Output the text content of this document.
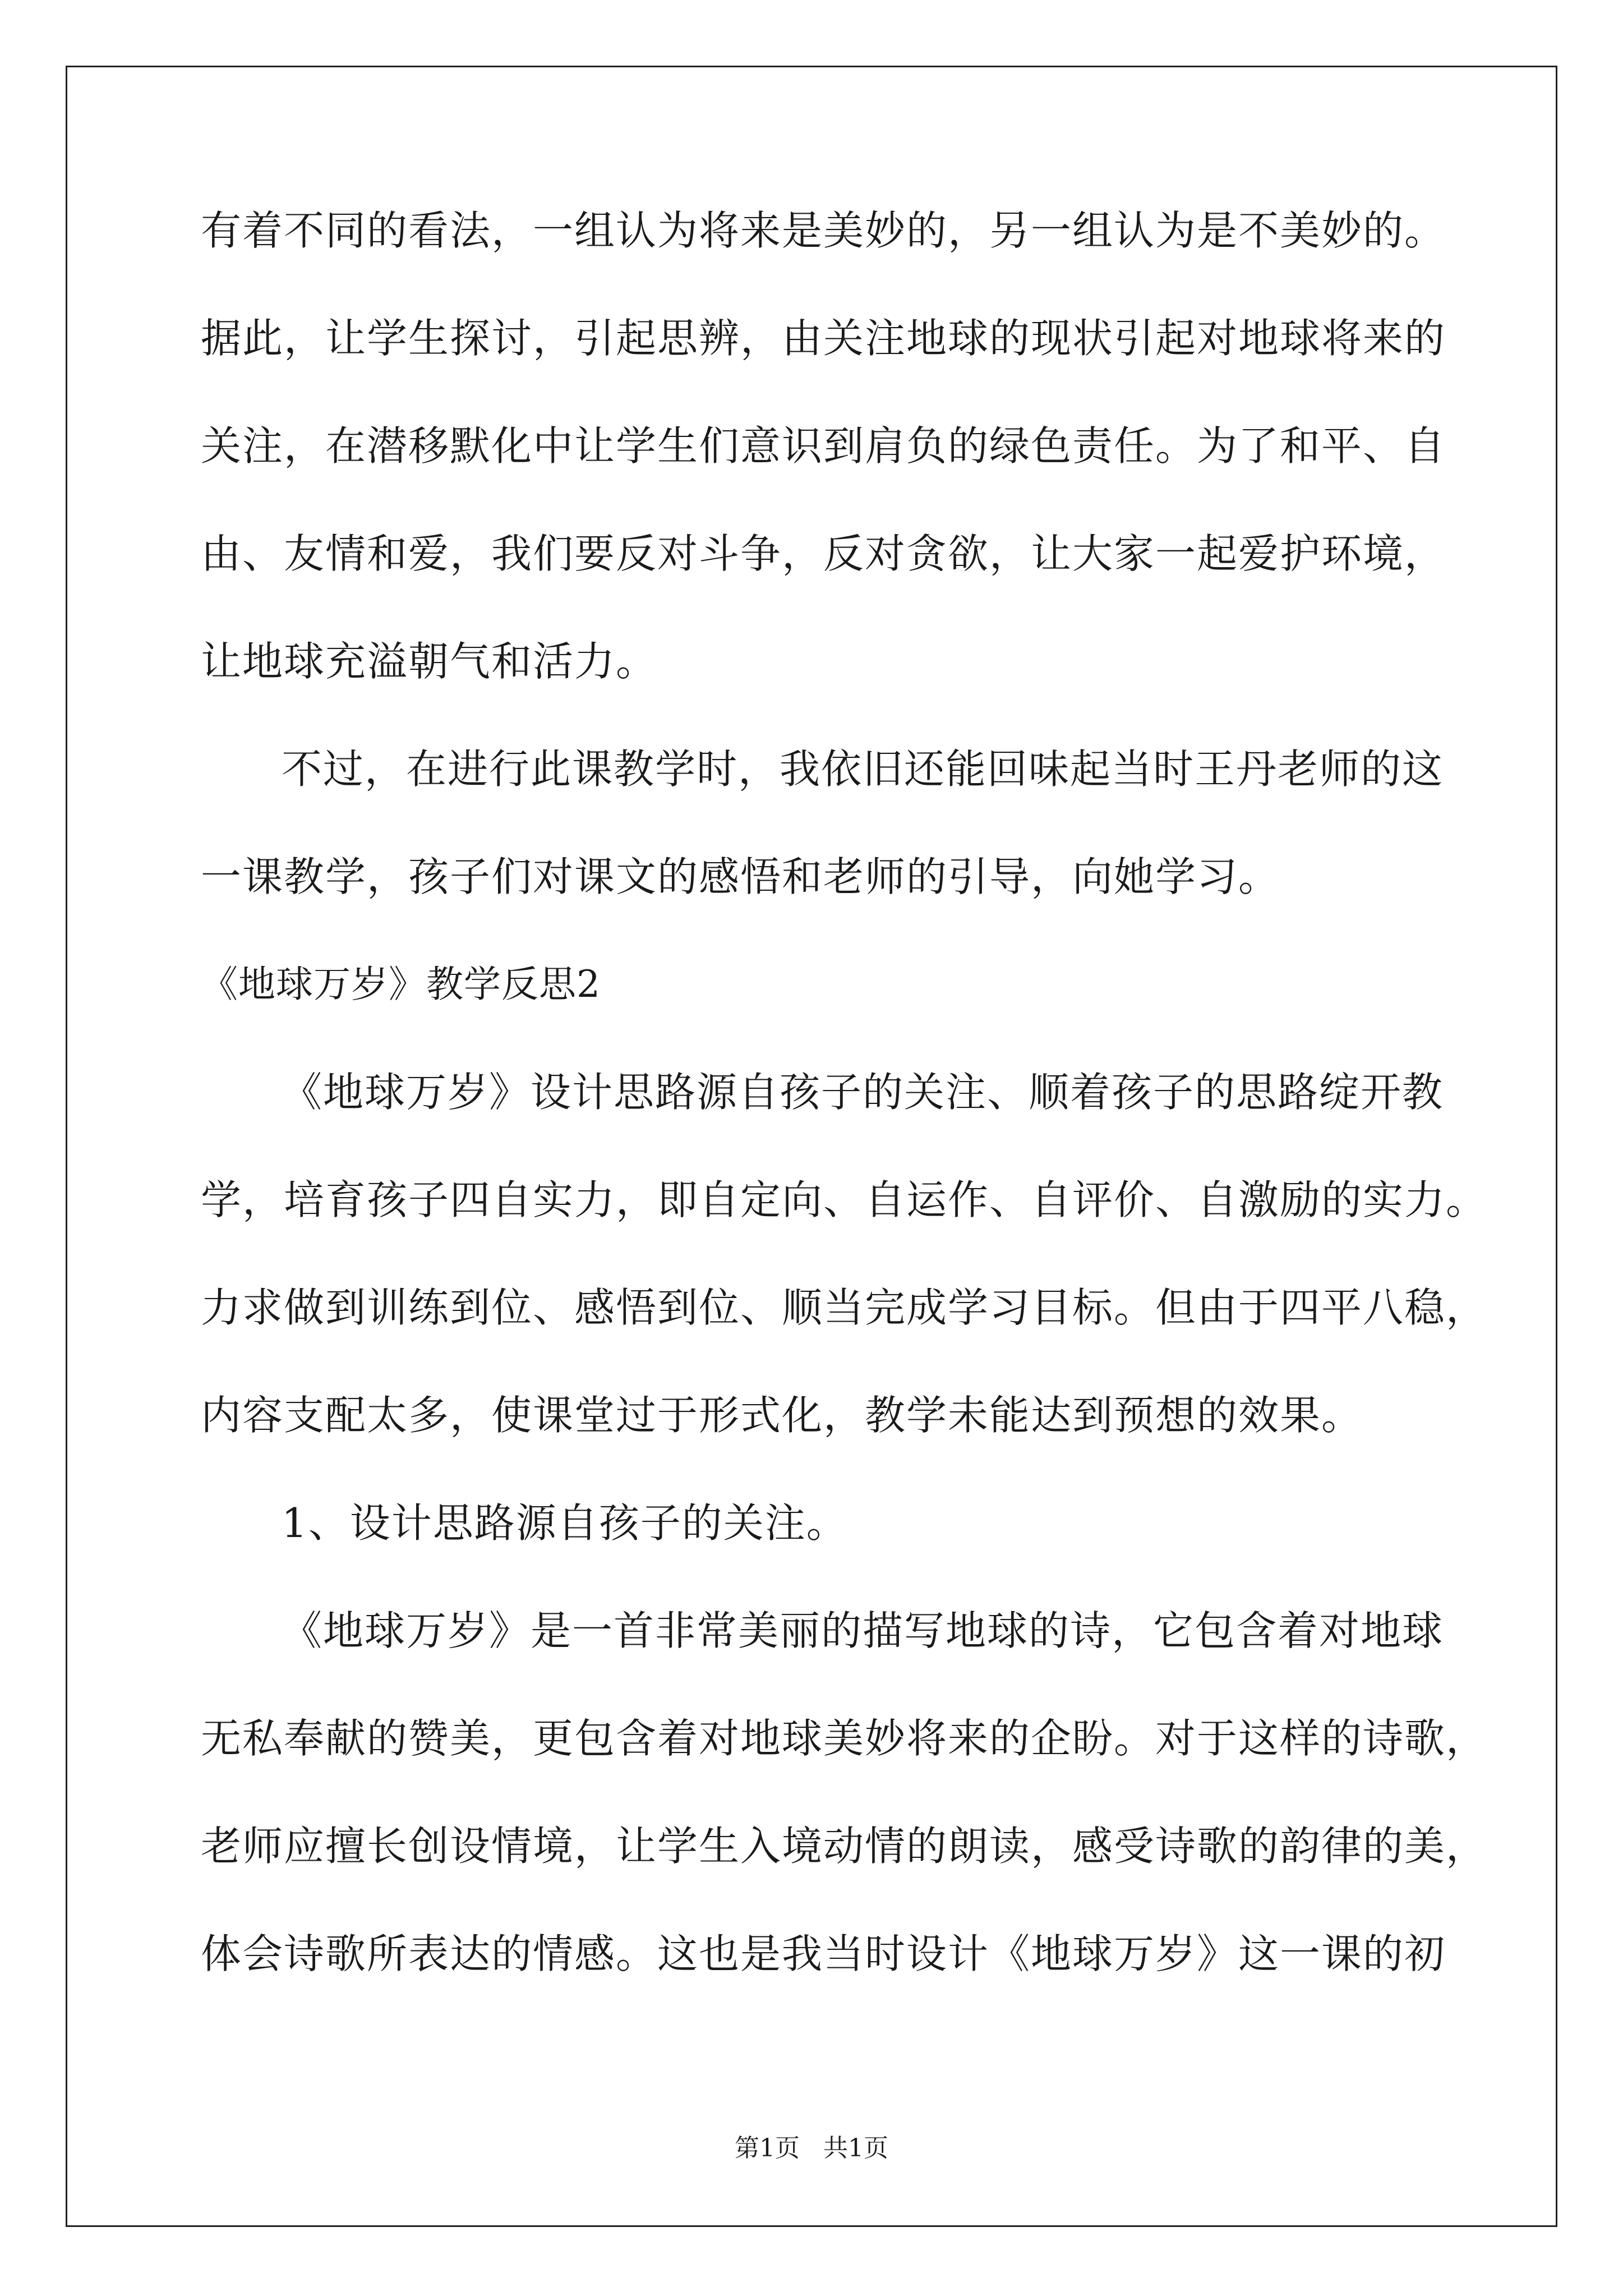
有着不同的看法，一组认为将来是美妙的，另一组认为是不美妙的。
据此，让学生探讨，引起思辨，由关注地球的现状引起对地球将来的
关注，在潜移默化中让学生们意识到肩负的绿色责任。为了和平、自
由、友情和爱，我们要反对斗争，反对贪欲，让大家一起爱护环境，
让地球充溢朝气和活力。
不过，在进行此课教学时，我依旧还能回味起当时王丹老师的这
一课教学，孩子们对课文的感悟和老师的引导，向她学习。
《地球万岁》教学反思2
《地球万岁》设计思路源自孩子的关注、顺着孩子的思路绽开教
学，培育孩子四自实力，即自定向、自运作、自评价、自激励的实力。
力求做到训练到位、感悟到位、顺当完成学习目标。但由于四平八稳，
内容支配太多，使课堂过于形式化，教学未能达到预想的效果。
1、设计思路源自孩子的关注。
《地球万岁》是一首非常美丽的描写地球的诗，它包含着对地球
无私奉献的赞美，更包含着对地球美妙将来的企盼。对于这样的诗歌，
老师应擅长创设情境，让学生入境动情的朗读，感受诗歌的韵律的美，
体会诗歌所表达的情感。这也是我当时设计《地球万岁》这一课的初
第1页 共1页
